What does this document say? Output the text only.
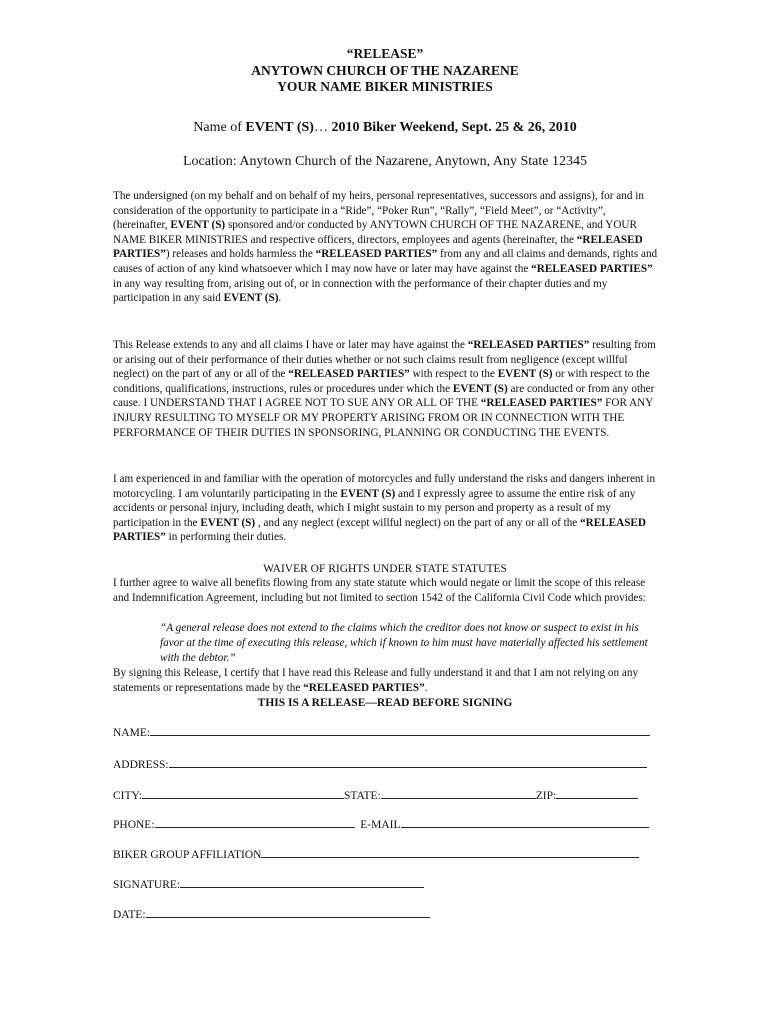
“RELEASE”
ANYTOWN CHURCH OF THE NAZARENE
YOUR NAME BIKER MINISTRIES
Name of EVENT (S)… 2010 Biker Weekend, Sept. 25 & 26, 2010
Location: Anytown Church of the Nazarene, Anytown, Any State 12345
The undersigned (on my behalf and on behalf of my heirs, personal representatives, successors and assigns), for and in consideration of the opportunity to participate in a “Ride”, “Poker Run”, “Rally”, “Field Meet”, or “Activity”, (hereinafter, EVENT (S) sponsored and/or conducted by ANYTOWN CHURCH OF THE NAZARENE, and YOUR NAME BIKER MINISTRIES and respective officers, directors, employees and agents (hereinafter, the “RELEASED PARTIES”) releases and holds harmless the “RELEASED PARTIES” from any and all claims and demands, rights and causes of action of any kind whatsoever which I may now have or later may have against the “RELEASED PARTIES” in any way resulting from, arising out of, or in connection with the performance of their chapter duties and my participation in any said EVENT (S).
This Release extends to any and all claims I have or later may have against the “RELEASED PARTIES” resulting from or arising out of their performance of their duties whether or not such claims result from negligence (except willful neglect) on the part of any or all of the “RELEASED PARTIES” with respect to the EVENT (S) or with respect to the conditions, qualifications, instructions, rules or procedures under which the EVENT (S) are conducted or from any other cause. I UNDERSTAND THAT I AGREE NOT TO SUE ANY OR ALL OF THE “RELEASED PARTIES” FOR ANY INJURY RESULTING TO MYSELF OR MY PROPERTY ARISING FROM OR IN CONNECTION WITH THE PERFORMANCE OF THEIR DUTIES IN SPONSORING, PLANNING OR CONDUCTING THE EVENTS.
I am experienced in and familiar with the operation of motorcycles and fully understand the risks and dangers inherent in motorcycling. I am voluntarily participating in the EVENT (S) and I expressly agree to assume the entire risk of any accidents or personal injury, including death, which I might sustain to my person and property as a result of my participation in the EVENT (S) , and any neglect (except willful neglect) on the part of any or all of the “RELEASED PARTIES” in performing their duties.
WAIVER OF RIGHTS UNDER STATE STATUTES
I further agree to waive all benefits flowing from any state statute which would negate or limit the scope of this release and Indemnification Agreement, including but not limited to section 1542 of the California Civil Code which provides:
“A general release does not extend to the claims which the creditor does not know or suspect to exist in his favor at the time of executing this release, which if known to him must have materially affected his settlement with the debtor.”
By signing this Release, I certify that I have read this Release and fully understand it and that I am not relying on any statements or representations made by the “RELEASED PARTIES”.
THIS IS A RELEASE—READ BEFORE SIGNING
NAME:
ADDRESS:
CITY:	STATE:	ZIP:
PHONE:	E-MAIL
BIKER GROUP AFFILIATION
SIGNATURE:
DATE:
